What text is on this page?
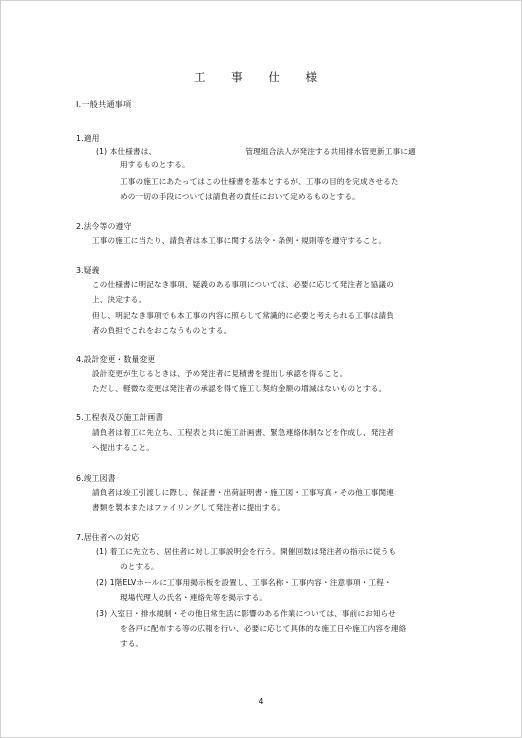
工 事 仕 様
Ⅰ.一般共通事項
1.適用
(1) 本仕様書は、　　　　　　　　　　　　管理組合法人が発注する共用排水管更新工事に適
用するものとする。
工事の施工にあたってはこの仕様書を基本とするが、工事の目的を完成させるた
めの一切の手段については請負者の責任において定めるものとする。
2.法令等の遵守
工事の施工に当たり、請負者は本工事に関する法令・条例・規則等を遵守すること。
3.疑義
この仕様書に明記なき事項、疑義のある事項については、必要に応じて発注者と協議の
上、決定する。
但し、明記なき事項でも本工事の内容に照らして常識的に必要と考えられる工事は請負
者の負担でこれをおこなうものとする。
4.設計変更・数量変更
設計変更が生じるときは、予め発注者に見積書を提出し承認を得ること。
ただし、軽微な変更は発注者の承認を得て施工し契約金額の増減はないものとする。
5.工程表及び施工計画書
請負者は着工に先立ち、工程表と共に施工計画書、緊急連絡体制などを作成し、発注者
へ提出すること。
6.竣工図書
請負者は竣工引渡しに際し、保証書・出荷証明書・施工図・工事写真・その他工事関連
書類を製本またはファイリングして発注者に提出する。
7.居住者への対応
(1) 着工に先立ち、居住者に対し工事説明会を行う。開催回数は発注者の指示に従うも
のとする。
(2) 1階ELVホールに工事用掲示板を設置し、工事名称・工事内容・注意事項・工程・
現場代理人の氏名・連絡先等を掲示する。
(3) 入室日・排水規制・その他日常生活に影響のある作業については、事前にお知らせ
を各戸に配布する等の広報を行い、必要に応じて具体的な施工日や施工内容を連絡
する。
4
